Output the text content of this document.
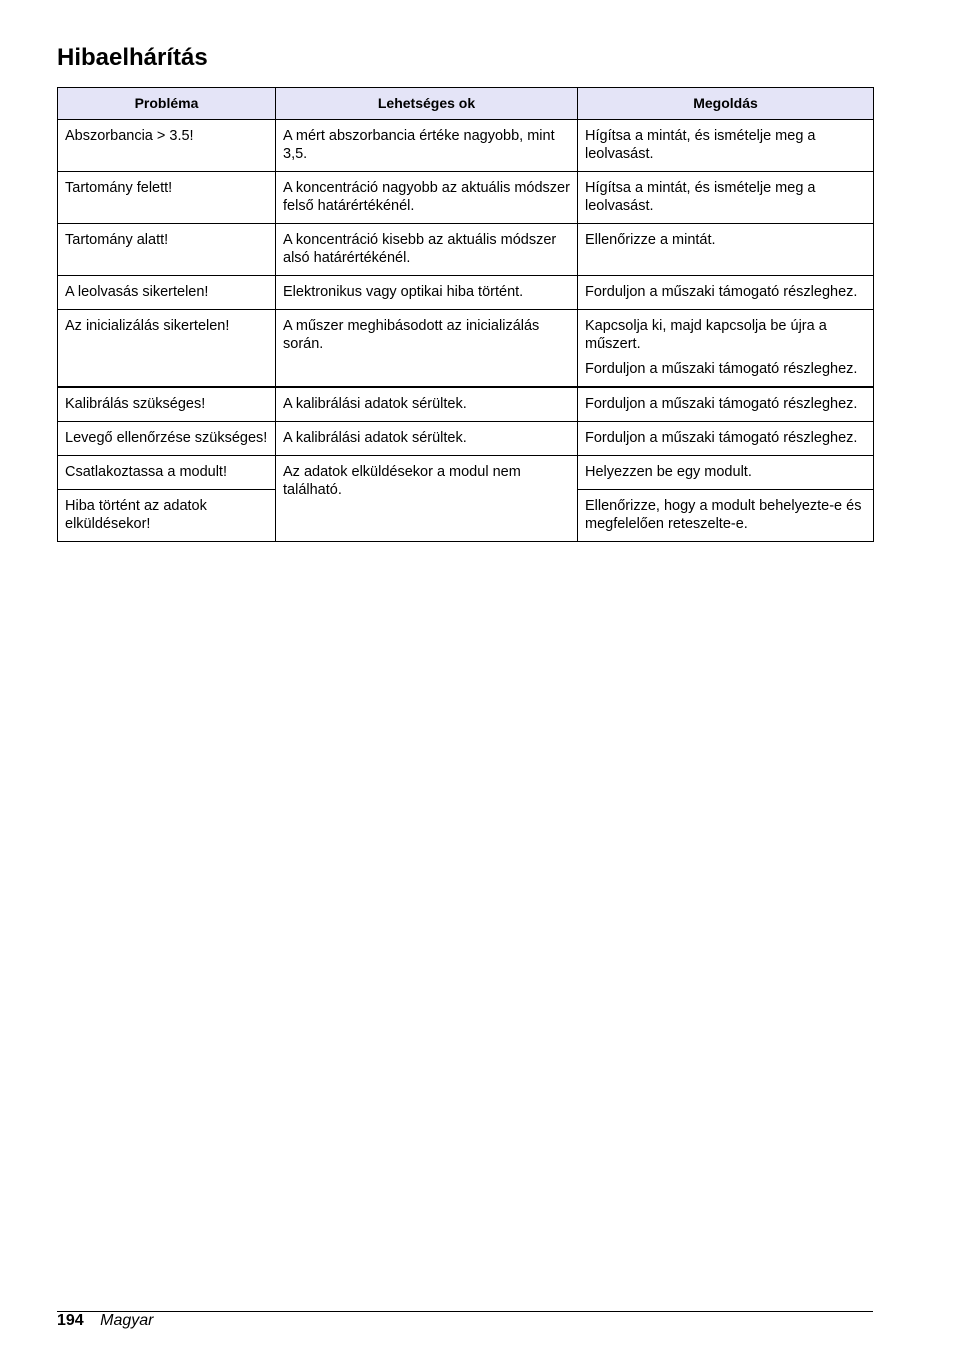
Hibaelhárítás
Probléma	Lehetséges ok	Megoldás
Abszorbancia > 3.5!	A mért abszorbancia értéke nagyobb, mint 3,5.	Hígítsa a mintát, és ismételje meg a leolvasást.

Tartomány felett!	A koncentráció nagyobb az aktuális módszer felső határértékénél.	Hígítsa a mintát, és ismételje meg a leolvasást.

Tartomány alatt!	A koncentráció kisebb az aktuális módszer alsó határértékénél.	Ellenőrizze a mintát.

A leolvasás sikertelen!	Elektronikus vagy optikai hiba történt.	Forduljon a műszaki támogató részleghez.

Az inicializálás sikertelen!	A műszer meghibásodott az inicializálás során.	Kapcsolja ki, majd kapcsolja be újra a műszert.

Forduljon a műszaki támogató részleghez.

Kalibrálás szükséges!	A kalibrálási adatok sérültek.	Forduljon a műszaki támogató részleghez.

Levegő ellenőrzése szükséges!	A kalibrálási adatok sérültek.	Forduljon a műszaki támogató részleghez.

Csatlakoztassa a modult!	Az adatok elküldésekor a modul nem található.	Helyezzen be egy modult.

Hiba történt az adatok elküldésekor!		Ellenőrizze, hogy a modult behelyezte-e és megfelelően reteszelte-e.

194 Magyar
